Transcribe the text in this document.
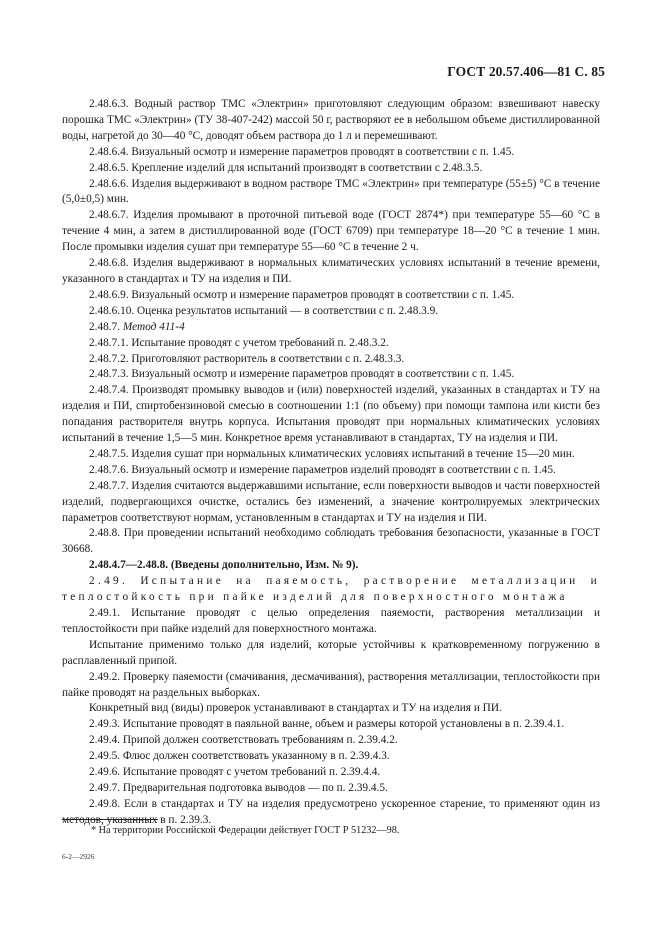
ГОСТ 20.57.406—81 С. 85

2.48.6.3. Водный раствор ТМС «Электрин» приготовляют следующим образом: взвешивают навеску порошка ТМС «Электрин» (ТУ 38-407-242) массой 50 г, растворяют ее в небольшом объеме дистиллированной воды, нагретой до 30—40 °С, доводят объем раствора до 1 л и перемешивают.

2.48.6.4. Визуальный осмотр и измерение параметров проводят в соответствии с п. 1.45.

2.48.6.5. Крепление изделий для испытаний производят в соответствии с 2.48.3.5.

2.48.6.6. Изделия выдерживают в водном растворе ТМС «Электрин» при температуре (55±5) °С в течение (5,0±0,5) мин.

2.48.6.7. Изделия промывают в проточной питьевой воде (ГОСТ 2874*) при температуре 55—60 °С в течение 4 мин, а затем в дистиллированной воде (ГОСТ 6709) при температуре 18—20 °С в течение 1 мин. После промывки изделия сушат при температуре 55—60 °С в течение 2 ч.

2.48.6.8. Изделия выдерживают в нормальных климатических условиях испытаний в течение времени, указанного в стандартах и ТУ на изделия и ПИ.

2.48.6.9. Визуальный осмотр и измерение параметров проводят в соответствии с п. 1.45.

2.48.6.10. Оценка результатов испытаний — в соответствии с п. 2.48.3.9.

2.48.7. Метод 411-4

2.48.7.1. Испытание проводят с учетом требований п. 2.48.3.2.

2.48.7.2. Приготовляют растворитель в соответствии с п. 2.48.3.3.

2.48.7.3. Визуальный осмотр и измерение параметров проводят в соответствии с п. 1.45.

2.48.7.4. Производят промывку выводов и (или) поверхностей изделий, указанных в стандартах и ТУ на изделия и ПИ, спиртобензиновой смесью в соотношении 1:1 (по объему) при помощи тампона или кисти без попадания растворителя внутрь корпуса. Испытания проводят при нормальных климатических условиях испытаний в течение 1,5—5 мин. Конкретное время устанавливают в стандартах, ТУ на изделия и ПИ.

2.48.7.5. Изделия сушат при нормальных климатических условиях испытаний в течение 15—20 мин.

2.48.7.6. Визуальный осмотр и измерение параметров изделий проводят в соответствии с п. 1.45.

2.48.7.7. Изделия считаются выдержавшими испытание, если поверхности выводов и части поверхностей изделий, подвергающихся очистке, остались без изменений, а значение контролируемых электрических параметров соответствуют нормам, установленным в стандартах и ТУ на изделия и ПИ.

2.48.8. При проведении испытаний необходимо соблюдать требования безопасности, указанные в ГОСТ 30668.

2.48.4.7—2.48.8. (Введены дополнительно, Изм. № 9).

2.49. Испытание на паяемость, растворение металлизации и теплостойкость при пайке изделий для поверхностного монтажа

2.49.1. Испытание проводят с целью определения паяемости, растворения металлизации и теплостойкости при пайке изделий для поверхностного монтажа.

Испытание применимо только для изделий, которые устойчивы к кратковременному погружению в расплавленный припой.

2.49.2. Проверку паяемости (смачивания, десмачивания), растворения металлизации, теплостойкости при пайке проводят на раздельных выборках.

Конкретный вид (виды) проверок устанавливают в стандартах и ТУ на изделия и ПИ.

2.49.3. Испытание проводят в паяльной ванне, объем и размеры которой установлены в п. 2.39.4.1.

2.49.4. Припой должен соответствовать требованиям п. 2.39.4.2.

2.49.5. Флюс должен соответствовать указанному в п. 2.39.4.3.

2.49.6. Испытание проводят с учетом требований п. 2.39.4.4.

2.49.7. Предварительная подготовка выводов — по п. 2.39.4.5.

2.49.8. Если в стандартах и ТУ на изделия предусмотрено ускоренное старение, то применяют один из методов, указанных в п. 2.39.3.

* На территории Российской Федерации действует ГОСТ Р 51232—98.
6-2—2926
